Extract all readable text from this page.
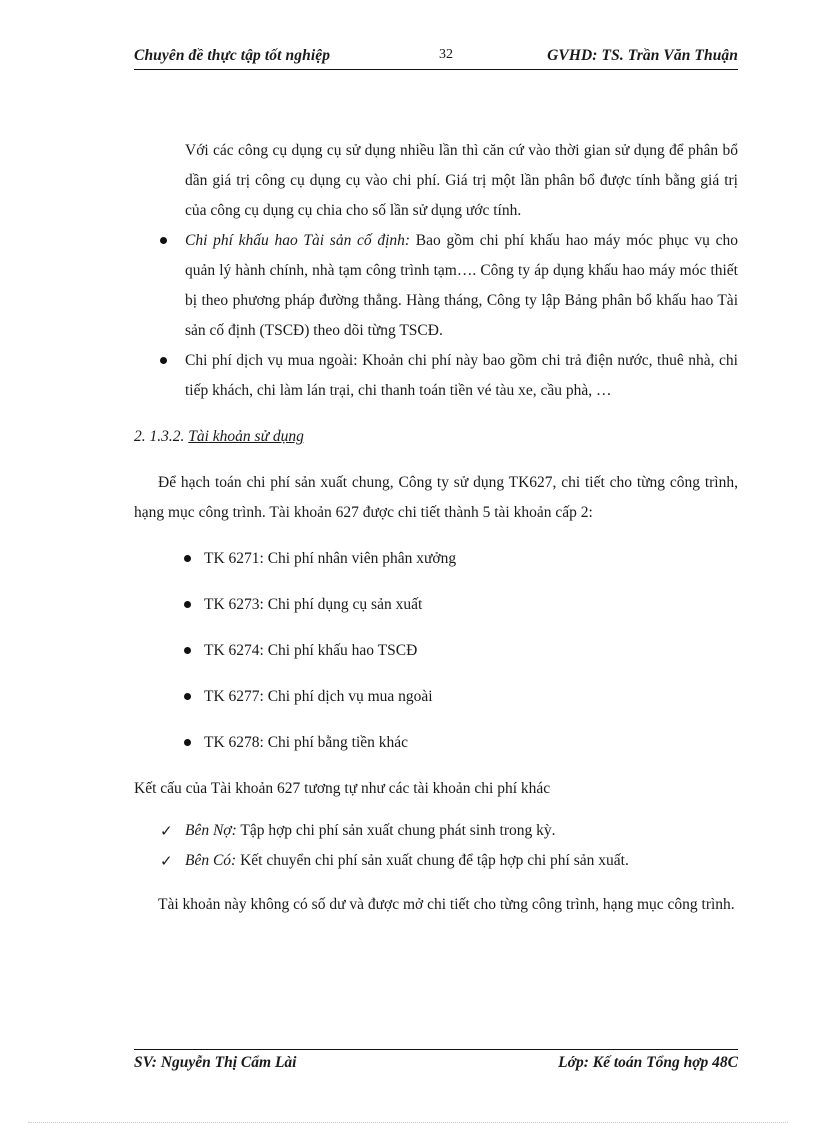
Chuyên đề thực tập tốt nghiệp	32	GVHD: TS. Trần Văn Thuận
Với các công cụ dụng cụ sử dụng nhiều lần thì căn cứ vào thời gian sử dụng để phân bổ dần giá trị công cụ dụng cụ vào chi phí. Giá trị một lần phân bổ được tính bằng giá trị của công cụ dụng cụ chia cho số lần sử dụng ước tính.
Chi phí khấu hao Tài sản cố định: Bao gồm chi phí khấu hao máy móc phục vụ cho quản lý hành chính, nhà tạm công trình tạm…. Công ty áp dụng khấu hao máy móc thiết bị theo phương pháp đường thẳng. Hàng tháng, Công ty lập Bảng phân bổ khấu hao Tài sản cố định (TSCĐ) theo dõi từng TSCĐ.
Chi phí dịch vụ mua ngoài: Khoản chi phí này bao gồm chi trả điện nước, thuê nhà, chi tiếp khách, chi làm lán trại, chi thanh toán tiền vé tàu xe, cầu phà, …
2. 1.3.2. Tài khoản sử dụng
Để hạch toán chi phí sản xuất chung, Công ty sử dụng TK627, chi tiết cho từng công trình, hạng mục công trình. Tài khoản 627 được chi tiết thành 5 tài khoản cấp 2:
TK 6271: Chi phí nhân viên phân xưởng
TK 6273: Chi phí dụng cụ sản xuất
TK 6274: Chi phí khấu hao TSCĐ
TK 6277: Chi phí dịch vụ mua ngoài
TK 6278: Chi phí bằng tiền khác
Kết cấu của Tài khoản 627 tương tự như các tài khoản chi phí khác
✓ Bên Nợ: Tập hợp chi phí sản xuất chung phát sinh trong kỳ.
✓ Bên Có: Kết chuyển chi phí sản xuất chung để tập hợp chi phí sản xuất.
Tài khoản này không có số dư và được mở chi tiết cho từng công trình, hạng mục công trình.
SV: Nguyễn Thị Cẩm Lài	Lớp: Kế toán Tổng hợp 48C
